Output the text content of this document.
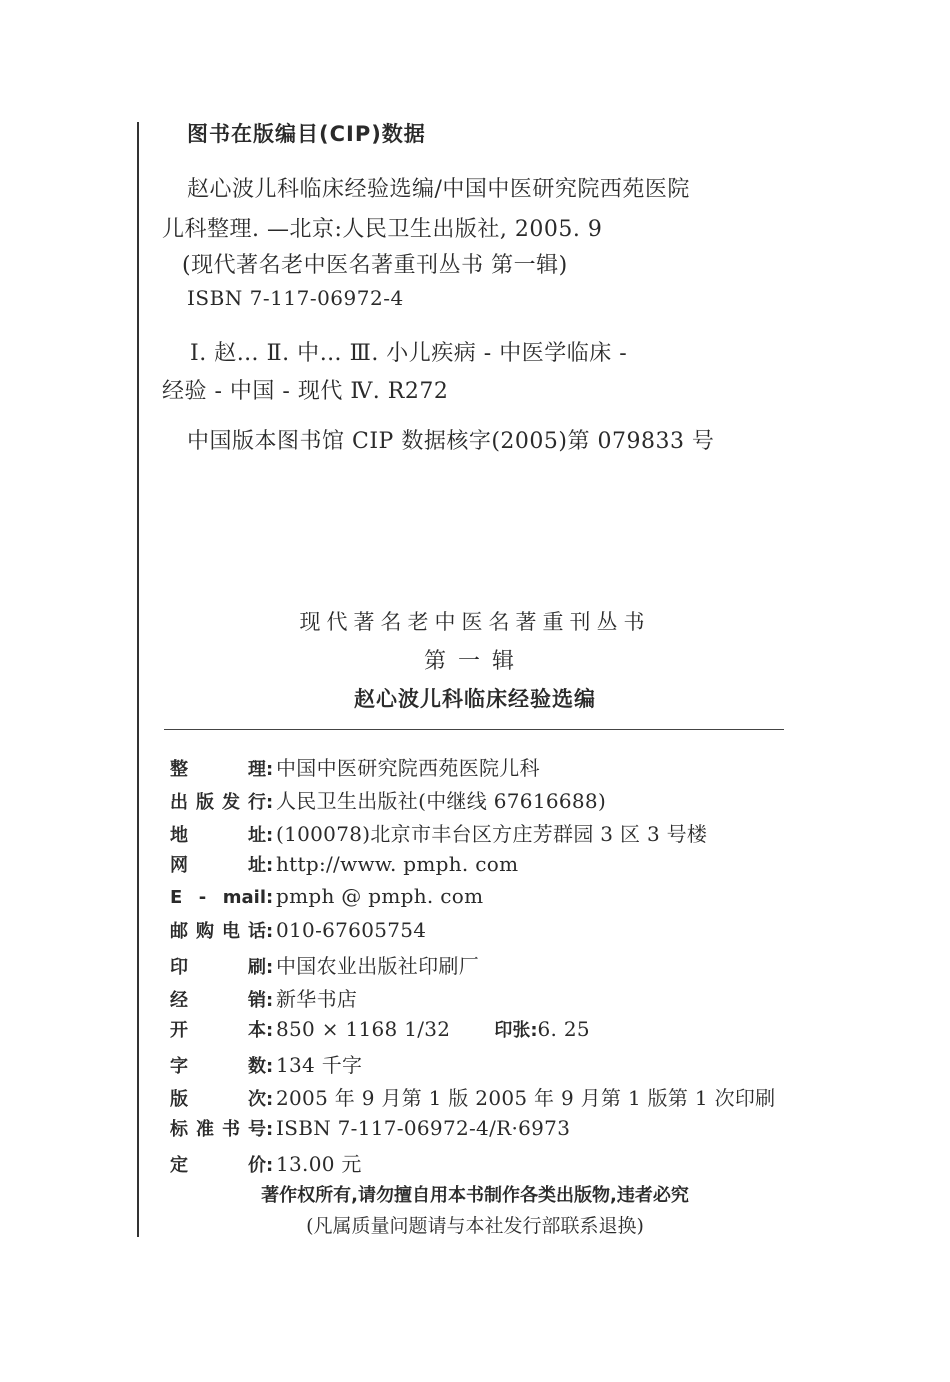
图书在版编目(CIP)数据
赵心波儿科临床经验选编/中国中医研究院西苑医院
儿科整理. —北京:人民卫生出版社, 2005. 9
(现代著名老中医名著重刊丛书 第一辑)
ISBN 7-117-06972-4
Ⅰ. 赵… Ⅱ. 中… Ⅲ. 小儿疾病 - 中医学临床 -
经验 - 中国 - 现代 Ⅳ. R272
中国版本图书馆 CIP 数据核字(2005)第 079833 号
现代著名老中医名著重刊丛书
第一辑
赵心波儿科临床经验选编
整理: 中国中医研究院西苑医院儿科
出版发行: 人民卫生出版社(中继线 67616688)
地址: (100078)北京市丰台区方庄芳群园 3 区 3 号楼
网址: http://www. pmph. com
E - mail: pmph @ pmph. com
邮购电话: 010-67605754
印刷: 中国农业出版社印刷厂
经销: 新华书店
开本: 850 × 1168 1/32 印张:6. 25
字数: 134 千字
版次: 2005 年 9 月第 1 版 2005 年 9 月第 1 版第 1 次印刷
标准书号: ISBN 7-117-06972-4/R·6973
定价: 13.00 元
著作权所有,请勿擅自用本书制作各类出版物,违者必究
(凡属质量问题请与本社发行部联系退换)
